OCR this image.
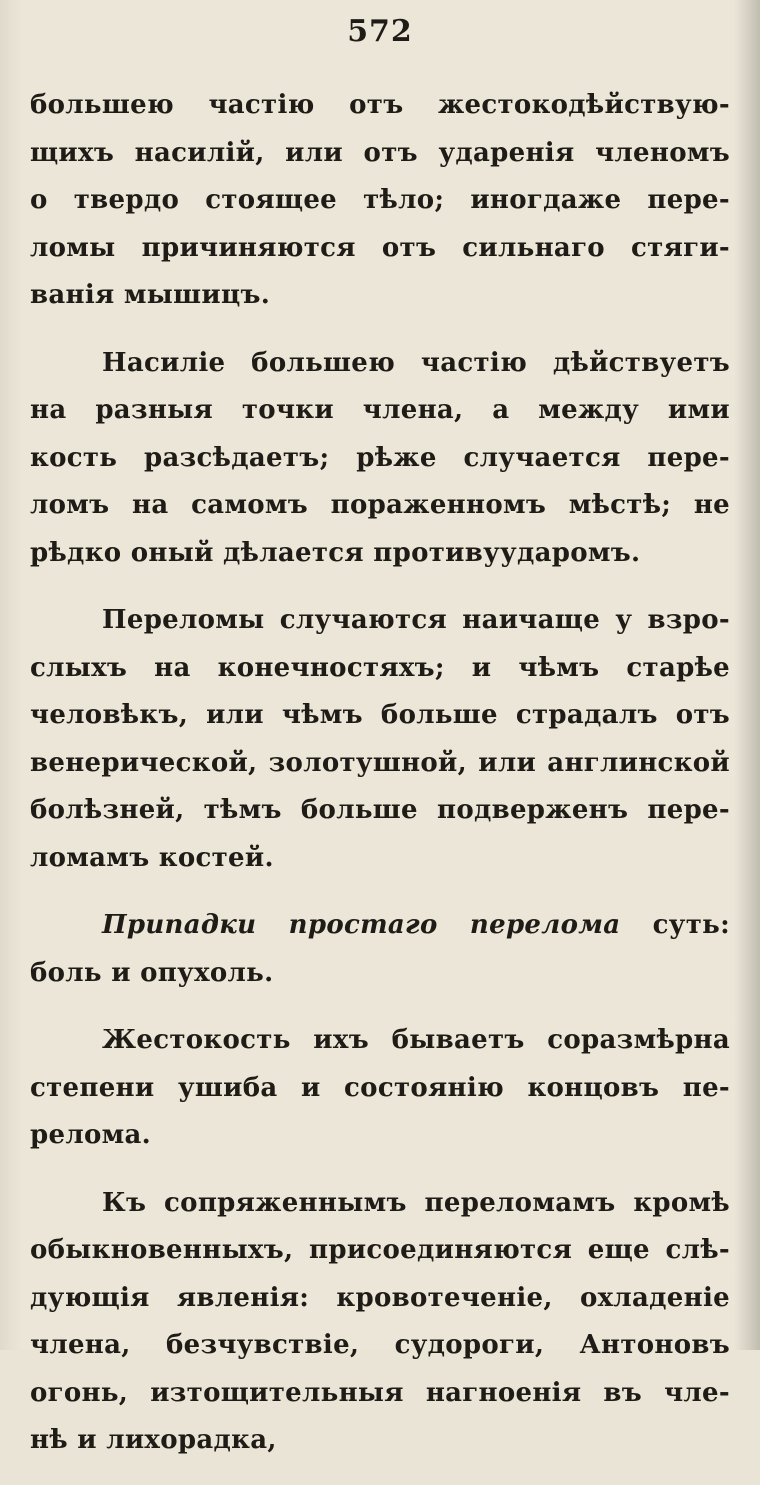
572
большею частію отъ жестокодѣйствую-
щихъ насилій, или отъ ударенія членомъ
о твердо стоящее тѣло; иногдаже пере-
ломы причиняются отъ сильнаго стяги-
ванія мышицъ.
Насиліе большею частію дѣйствуетъ
на разныя точки члена, а между ими
кость разсѣдаетъ; рѣже случается пере-
ломъ на самомъ пораженномъ мѣстѣ; не
рѣдко оный дѣлается противуударомъ.
Переломы случаются наичаще у взро-
слыхъ на конечностяхъ; и чѣмъ старѣе
человѣкъ, или чѣмъ больше страдалъ отъ
венерической, золотушной, или англинской
болѣзней, тѣмъ больше подверженъ пере-
ломамъ костей.
Припадки простаго перелома суть:
боль и опухоль.
Жестокость ихъ бываетъ соразмѣрна
степени ушиба и состоянію концовъ пе-
релома.
Къ сопряженнымъ переломамъ кромѣ
обыкновенныхъ, присоединяются еще слѣ-
дующія явленія: кровотеченіе, охладеніе
члена, безчувствіе, судороги, Антоновъ
огонь, изтощительныя нагноенія въ чле-
нѣ и лихорадка,
